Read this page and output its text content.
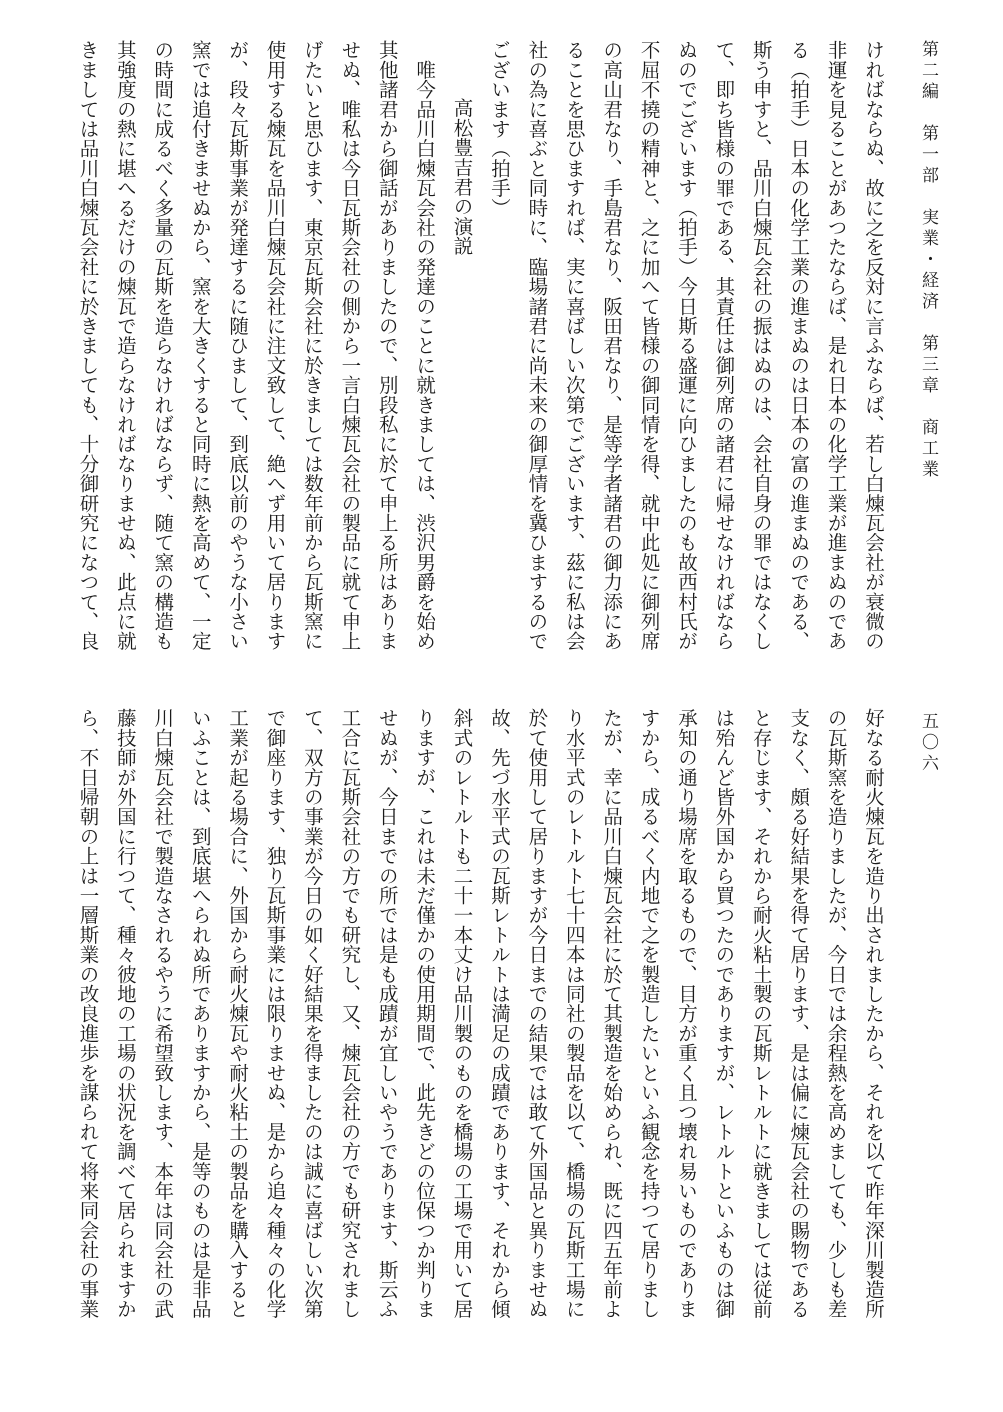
第二編　第一部　実業・経済　第三章　商工業
五〇六
ければならぬ、故に之を反対に言ふならば、若し白煉瓦会社が衰微の
非運を見ることがあつたならば、是れ日本の化学工業が進まぬのであ
る（拍手）日本の化学工業の進まぬのは日本の富の進まぬのである、
斯う申すと、品川白煉瓦会社の振はぬのは、会社自身の罪ではなくし
て、即ち皆様の罪である、其責任は御列席の諸君に帰せなければなら
ぬのでございます（拍手）今日斯る盛運に向ひましたのも故西村氏が
不屈不撓の精神と、之に加へて皆様の御同情を得、就中此処に御列席
の高山君なり、手島君なり、阪田君なり、是等学者諸君の御力添にあ
ることを思ひますれば、実に喜ばしい次第でございます、茲に私は会
社の為に喜ぶと同時に、臨場諸君に尚未来の御厚情を冀ひまするので
ございます（拍手）
高松豊吉君の演説
　唯今品川白煉瓦会社の発達のことに就きましては、渋沢男爵を始め
其他諸君から御話がありましたので、別段私に於て申上る所はありま
せぬ、唯私は今日瓦斯会社の側から一言白煉瓦会社の製品に就て申上
げたいと思ひます、東京瓦斯会社に於きましては数年前から瓦斯窯に
使用する煉瓦を品川白煉瓦会社に注文致して、絶へず用いて居ります
が、段々瓦斯事業が発達するに随ひまして、到底以前のやうな小さい
窯では追付きませぬから、窯を大きくすると同時に熱を高めて、一定
の時間に成るべく多量の瓦斯を造らなければならず、随て窯の構造も
其強度の熱に堪へるだけの煉瓦で造らなければなりませぬ、此点に就
きましては品川白煉瓦会社に於きましても、十分御研究になつて、良
好なる耐火煉瓦を造り出されましたから、それを以て昨年深川製造所
の瓦斯窯を造りましたが、今日では余程熱を高めましても、少しも差
支なく、頗る好結果を得て居ります、是は偏に煉瓦会社の賜物である
と存じます、それから耐火粘土製の瓦斯レトルトに就きましては従前
は殆んど皆外国から買つたのでありますが、レトルトといふものは御
承知の通り場席を取るもので、目方が重く且つ壊れ易いものでありま
すから、成るべく内地で之を製造したいといふ観念を持つて居りまし
たが、幸に品川白煉瓦会社に於て其製造を始められ、既に四五年前よ
り水平式のレトルト七十四本は同社の製品を以て、橋場の瓦斯工場に
於て使用して居りますが今日までの結果では敢て外国品と異りませぬ
故、先づ水平式の瓦斯レトルトは満足の成蹟であります、それから傾
斜式のレトルトも二十一本丈け品川製のものを橋場の工場で用いて居
りますが、これは未だ僅かの使用期間で、此先きどの位保つか判りま
せぬが、今日までの所では是も成蹟が宜しいやうであります、斯云ふ
工合に瓦斯会社の方でも研究し、又、煉瓦会社の方でも研究されまし
て、双方の事業が今日の如く好結果を得ましたのは誠に喜ばしい次第
で御座ります、独り瓦斯事業には限りませぬ、是から追々種々の化学
工業が起る場合に、外国から耐火煉瓦や耐火粘土の製品を購入すると
いふことは、到底堪へられぬ所でありますから、是等のものは是非品
川白煉瓦会社で製造なされるやうに希望致します、本年は同会社の武
藤技師が外国に行つて、種々彼地の工場の状況を調べて居られますか
ら、不日帰朝の上は一層斯業の改良進歩を謀られて将来同会社の事業
